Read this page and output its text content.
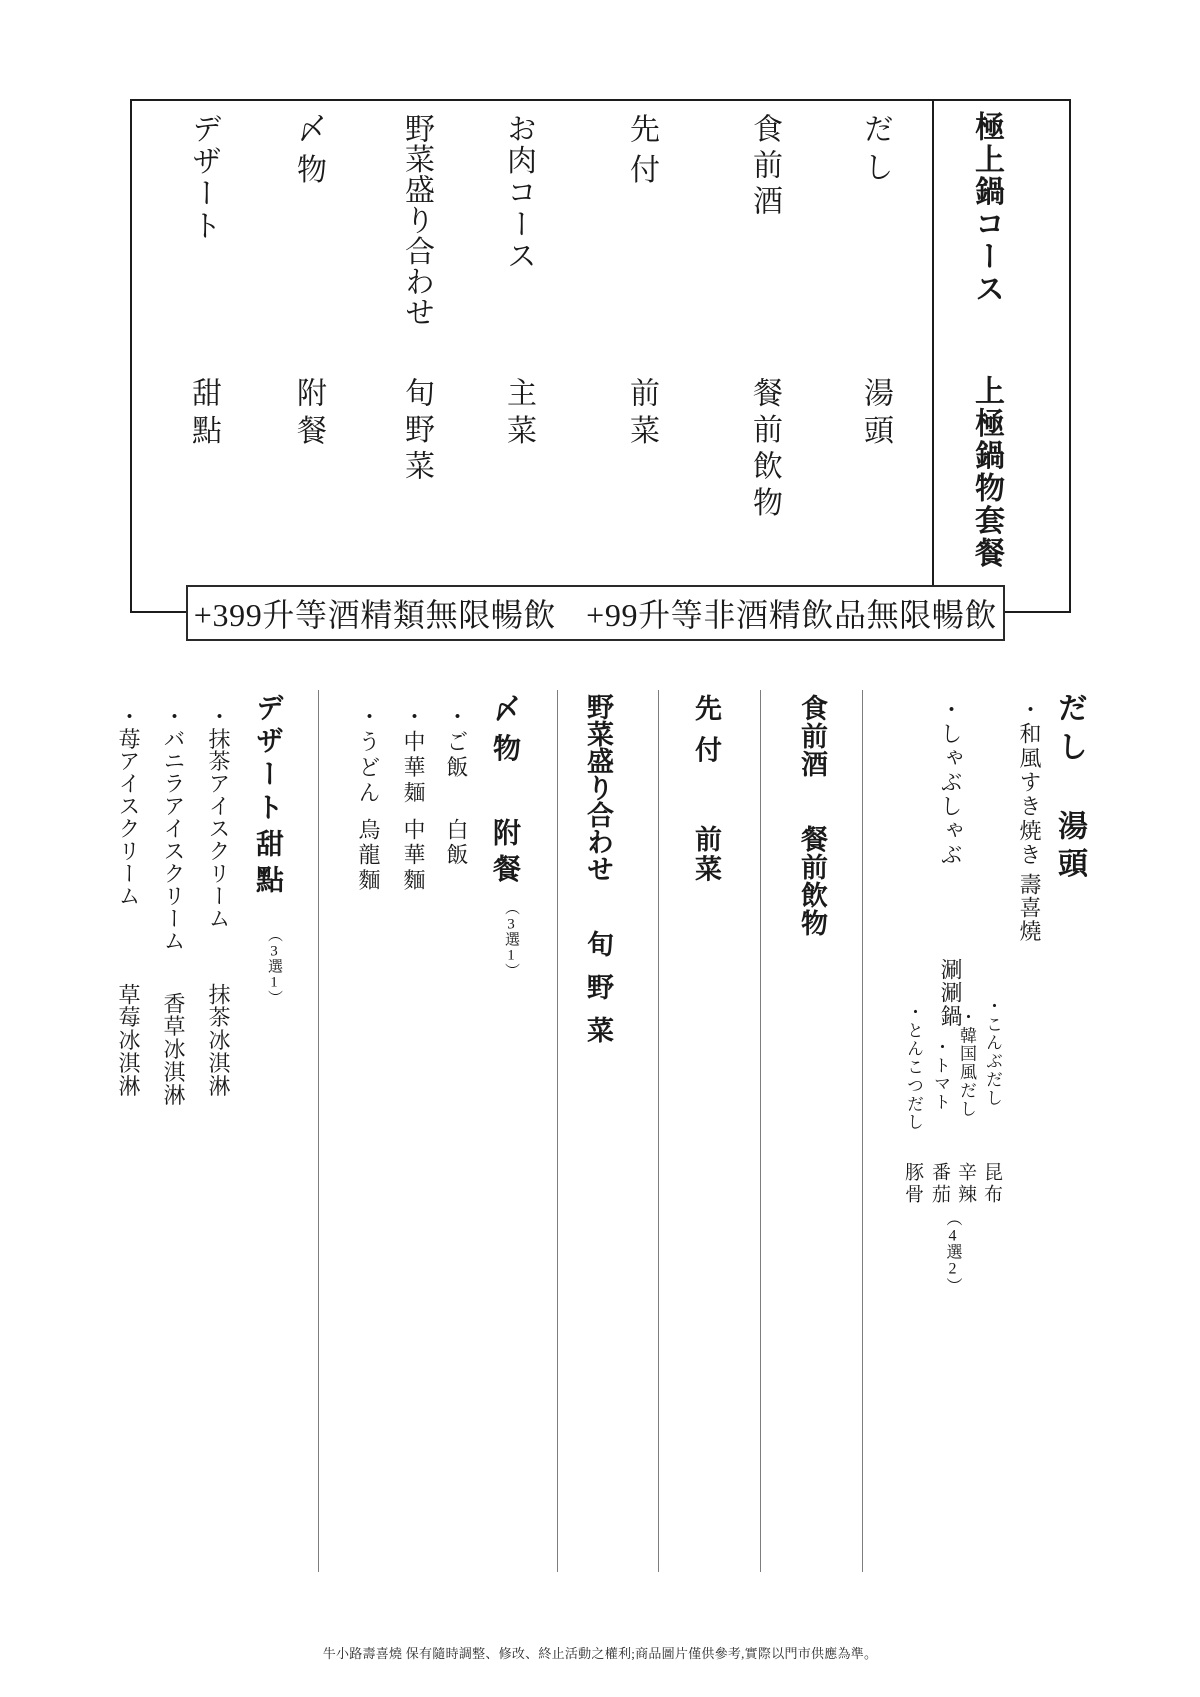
極上鍋コース
上極鍋物套餐
だし
湯頭
食前酒
餐前飲物
先付
前菜
お肉コース
主菜
野菜盛り合わせ
旬野菜
〆物
附餐
デザート
甜點
+399升等酒精類無限暢飲 +99升等非酒精飲品無限暢飲
だし
湯頭
・和風すき焼き
壽喜燒
・しゃぶしゃぶ
涮涮鍋
・こんぶだし
昆布
・韓国風だし
辛辣
・トマト
番茄
・とんこつだし
豚骨
（4選2）
食前酒
餐前飲物
先付
前菜
野菜盛り合わせ
旬野菜
〆物
附餐
（3選1）
・ご飯
白飯
・中華麺
中華麵
・うどん
烏龍麵
デザート
甜點
（3選1）
・抹茶アイスクリーム
抹茶冰淇淋
・バニラアイスクリーム
香草冰淇淋
・苺アイスクリーム
草莓冰淇淋
牛小路壽喜燒 保有隨時調整、修改、終止活動之權利;商品圖片僅供參考,實際以門市供應為準。
